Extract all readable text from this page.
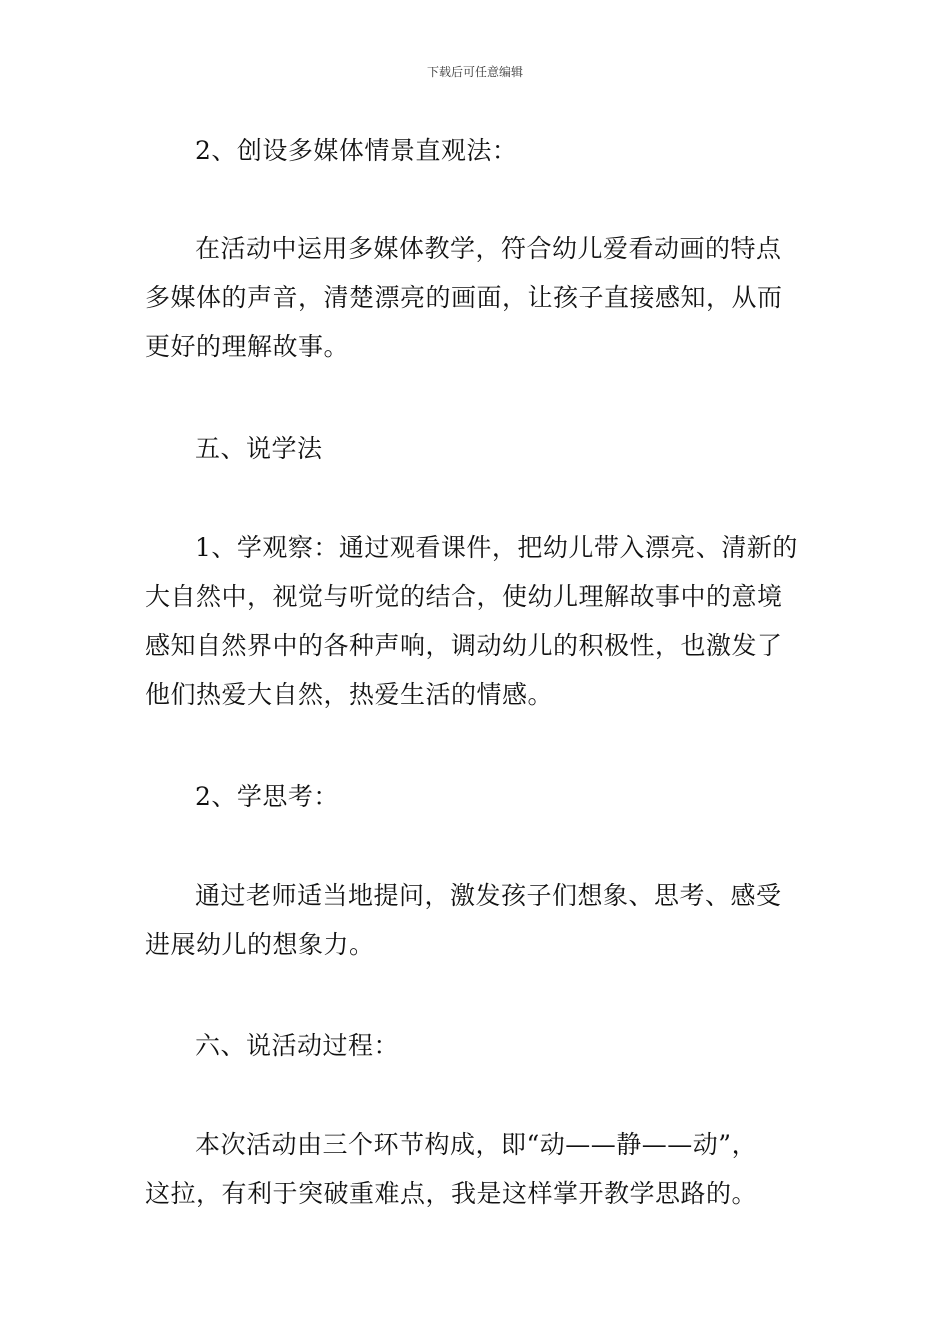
下载后可任意编辑

2、创设多媒体情景直观法：

在活动中运用多媒体教学，符合幼儿爱看动画的特点
多媒体的声音，清楚漂亮的画面，让孩子直接感知，从而
更好的理解故事。

五、说学法

1、学观察：通过观看课件，把幼儿带入漂亮、清新的
大自然中，视觉与听觉的结合，使幼儿理解故事中的意境
感知自然界中的各种声响，调动幼儿的积极性，也激发了
他们热爱大自然，热爱生活的情感。

2、学思考：

通过老师适当地提问，激发孩子们想象、思考、感受
进展幼儿的想象力。

六、说活动过程：

本次活动由三个环节构成，即“动——静——动”，
这拉，有利于突破重难点，我是这样掌开教学思路的。
